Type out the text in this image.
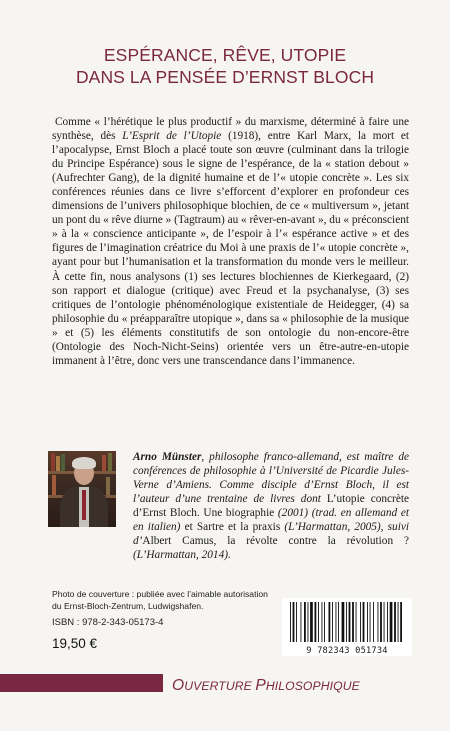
ESPÉRANCE, RÊVE, UTOPIE
DANS LA PENSÉE D’ERNST BLOCH
Comme « l’hérétique le plus productif » du marxisme, déterminé à faire une synthèse, dès L’Esprit de l’Utopie (1918), entre Karl Marx, la mort et l’apocalypse, Ernst Bloch a placé toute son œuvre (culminant dans la trilogie du Principe Espérance) sous le signe de l’espérance, de la « station debout » (Aufrechter Gang), de la dignité humaine et de l’« utopie concrète ». Les six conférences réunies dans ce livre s’efforcent d’explorer en profondeur ces dimensions de l’univers philosophique blochien, de ce « multiversum », jetant un pont du « rêve diurne » (Tagtraum) au « rêver-en-avant », du « préconscient » à la « conscience anticipante », de l’espoir à l’« espérance active » et des figures de l’imagination créatrice du Moi à une praxis de l’« utopie concrète », ayant pour but l’humanisation et la transformation du monde vers le meilleur. À cette fin, nous analysons (1) ses lectures blochiennes de Kierkegaard, (2) son rapport et dialogue (critique) avec Freud et la psychanalyse, (3) ses critiques de l’ontologie phénoménologique existentiale de Heidegger, (4) sa philosophie du « préapparaître utopique », dans sa « philosophie de la musique » et (5) les éléments constitutifs de son ontologie du non-encore-être (Ontologie des Noch-Nicht-Seins) orientée vers un être-autre-en-utopie immanent à l’être, donc vers une transcendance dans l’immanence.
Arno Münster, philosophe franco-allemand, est maître de conférences de philosophie à l’Université de Picardie Jules-Verne d’Amiens. Comme disciple d’Ernst Bloch, il est l’auteur d’une trentaine de livres dont L’utopie concrète d’Ernst Bloch. Une biographie (2001) (trad. en allemand et en italien) et Sartre et la praxis (L’Harmattan, 2005), suivi d’Albert Camus, la révolte contre la révolution ? (L’Harmattan, 2014).
Photo de couverture : publiée avec l’aimable autorisation
du Ernst-Bloch-Zentrum, Ludwigshafen.
ISBN : 978-2-343-05173-4
19,50 €	9 782343 051734
OUVERTURE PHILOSOPHIQUE
